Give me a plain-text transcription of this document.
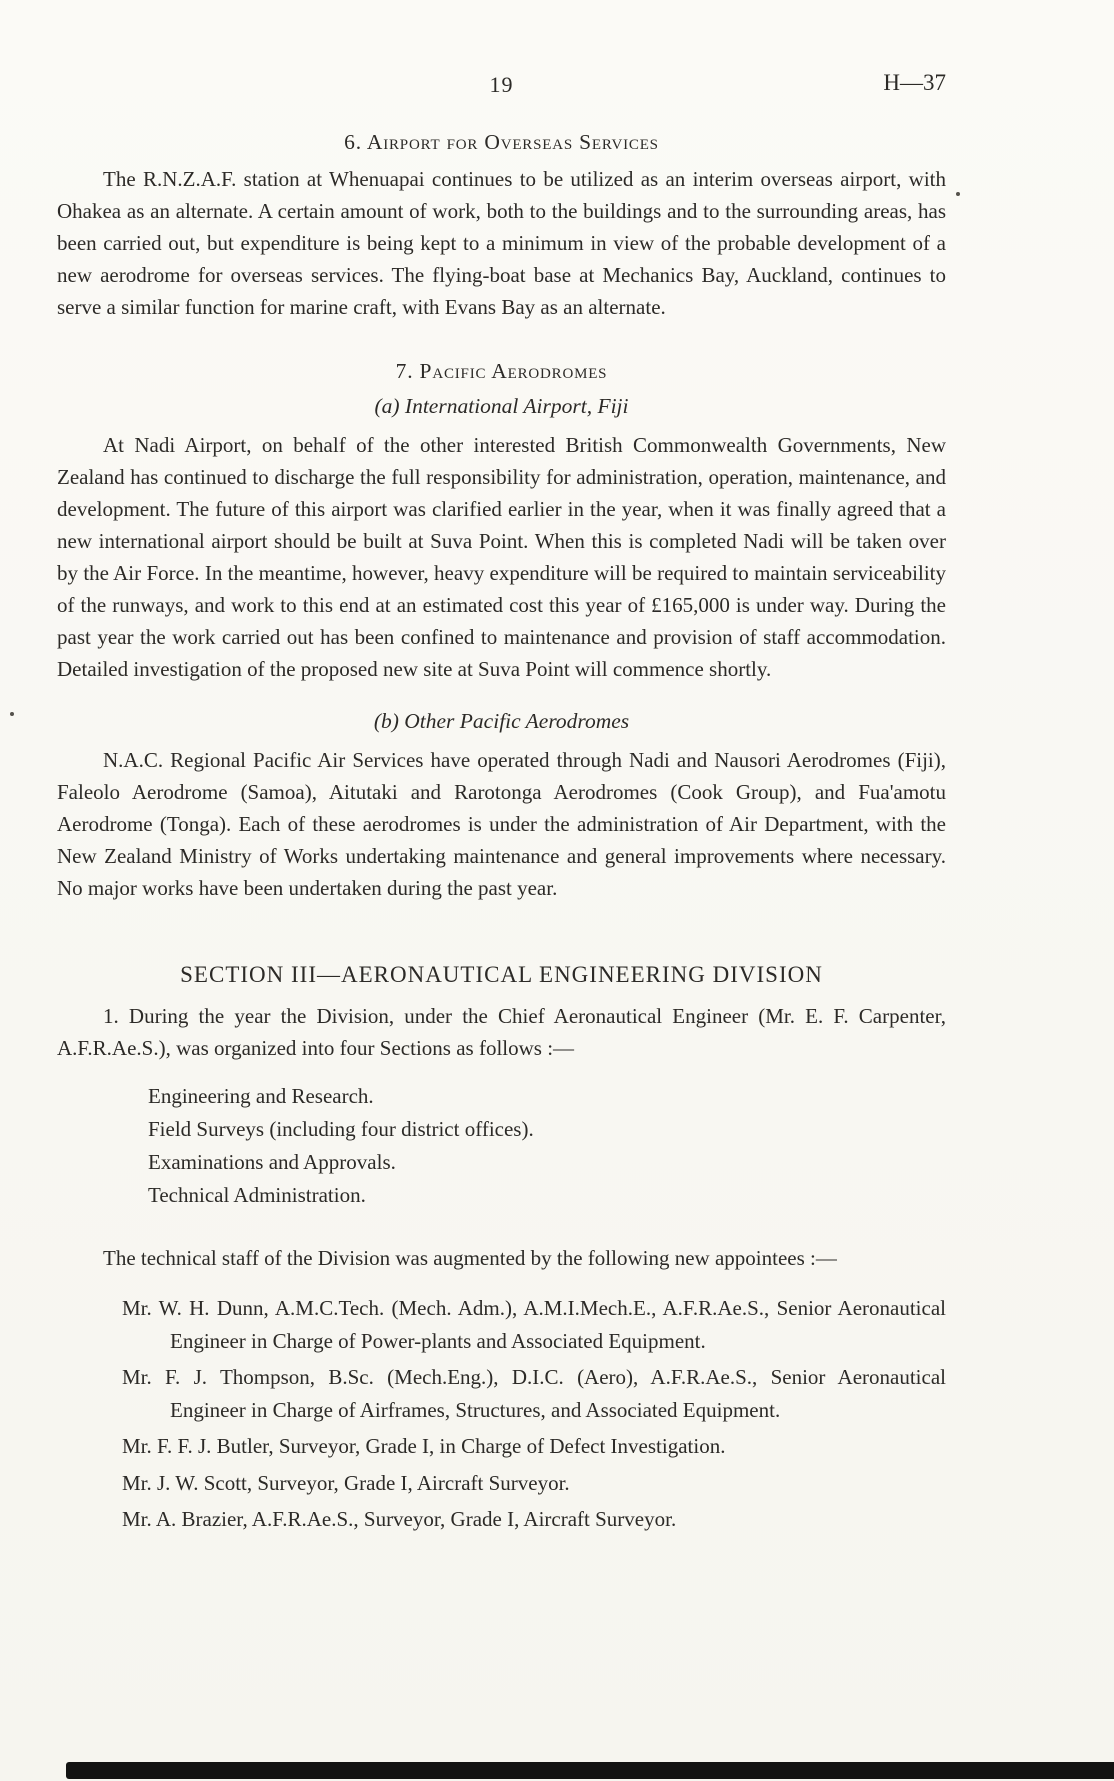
19	H—37
6. Airport for Overseas Services

The R.N.Z.A.F. station at Whenuapai continues to be utilized as an interim overseas airport, with Ohakea as an alternate. A certain amount of work, both to the buildings and to the surrounding areas, has been carried out, but expenditure is being kept to a minimum in view of the probable development of a new aerodrome for overseas services. The flying-boat base at Mechanics Bay, Auckland, continues to serve a similar function for marine craft, with Evans Bay as an alternate.

7. Pacific Aerodromes
(a) International Airport, Fiji

At Nadi Airport, on behalf of the other interested British Commonwealth Governments, New Zealand has continued to discharge the full responsibility for administration, operation, maintenance, and development. The future of this airport was clarified earlier in the year, when it was finally agreed that a new international airport should be built at Suva Point. When this is completed Nadi will be taken over by the Air Force. In the meantime, however, heavy expenditure will be required to maintain serviceability of the runways, and work to this end at an estimated cost this year of £165,000 is under way. During the past year the work carried out has been confined to maintenance and provision of staff accommodation. Detailed investigation of the proposed new site at Suva Point will commence shortly.

(b) Other Pacific Aerodromes

N.A.C. Regional Pacific Air Services have operated through Nadi and Nausori Aerodromes (Fiji), Faleolo Aerodrome (Samoa), Aitutaki and Rarotonga Aerodromes (Cook Group), and Fua'amotu Aerodrome (Tonga). Each of these aerodromes is under the administration of Air Department, with the New Zealand Ministry of Works undertaking maintenance and general improvements where necessary. No major works have been undertaken during the past year.

SECTION III—AERONAUTICAL ENGINEERING DIVISION

1. During the year the Division, under the Chief Aeronautical Engineer (Mr. E. F. Carpenter, A.F.R.Ae.S.), was organized into four Sections as follows :—

Engineering and Research.
Field Surveys (including four district offices).
Examinations and Approvals.
Technical Administration.

The technical staff of the Division was augmented by the following new appointees :—

Mr. W. H. Dunn, A.M.C.Tech. (Mech. Adm.), A.M.I.Mech.E., A.F.R.Ae.S., Senior Aeronautical Engineer in Charge of Power-plants and Associated Equipment.
Mr. F. J. Thompson, B.Sc. (Mech.Eng.), D.I.C. (Aero), A.F.R.Ae.S., Senior Aeronautical Engineer in Charge of Airframes, Structures, and Associated Equipment.
Mr. F. F. J. Butler, Surveyor, Grade I, in Charge of Defect Investigation.
Mr. J. W. Scott, Surveyor, Grade I, Aircraft Surveyor.
Mr. A. Brazier, A.F.R.Ae.S., Surveyor, Grade I, Aircraft Surveyor.
